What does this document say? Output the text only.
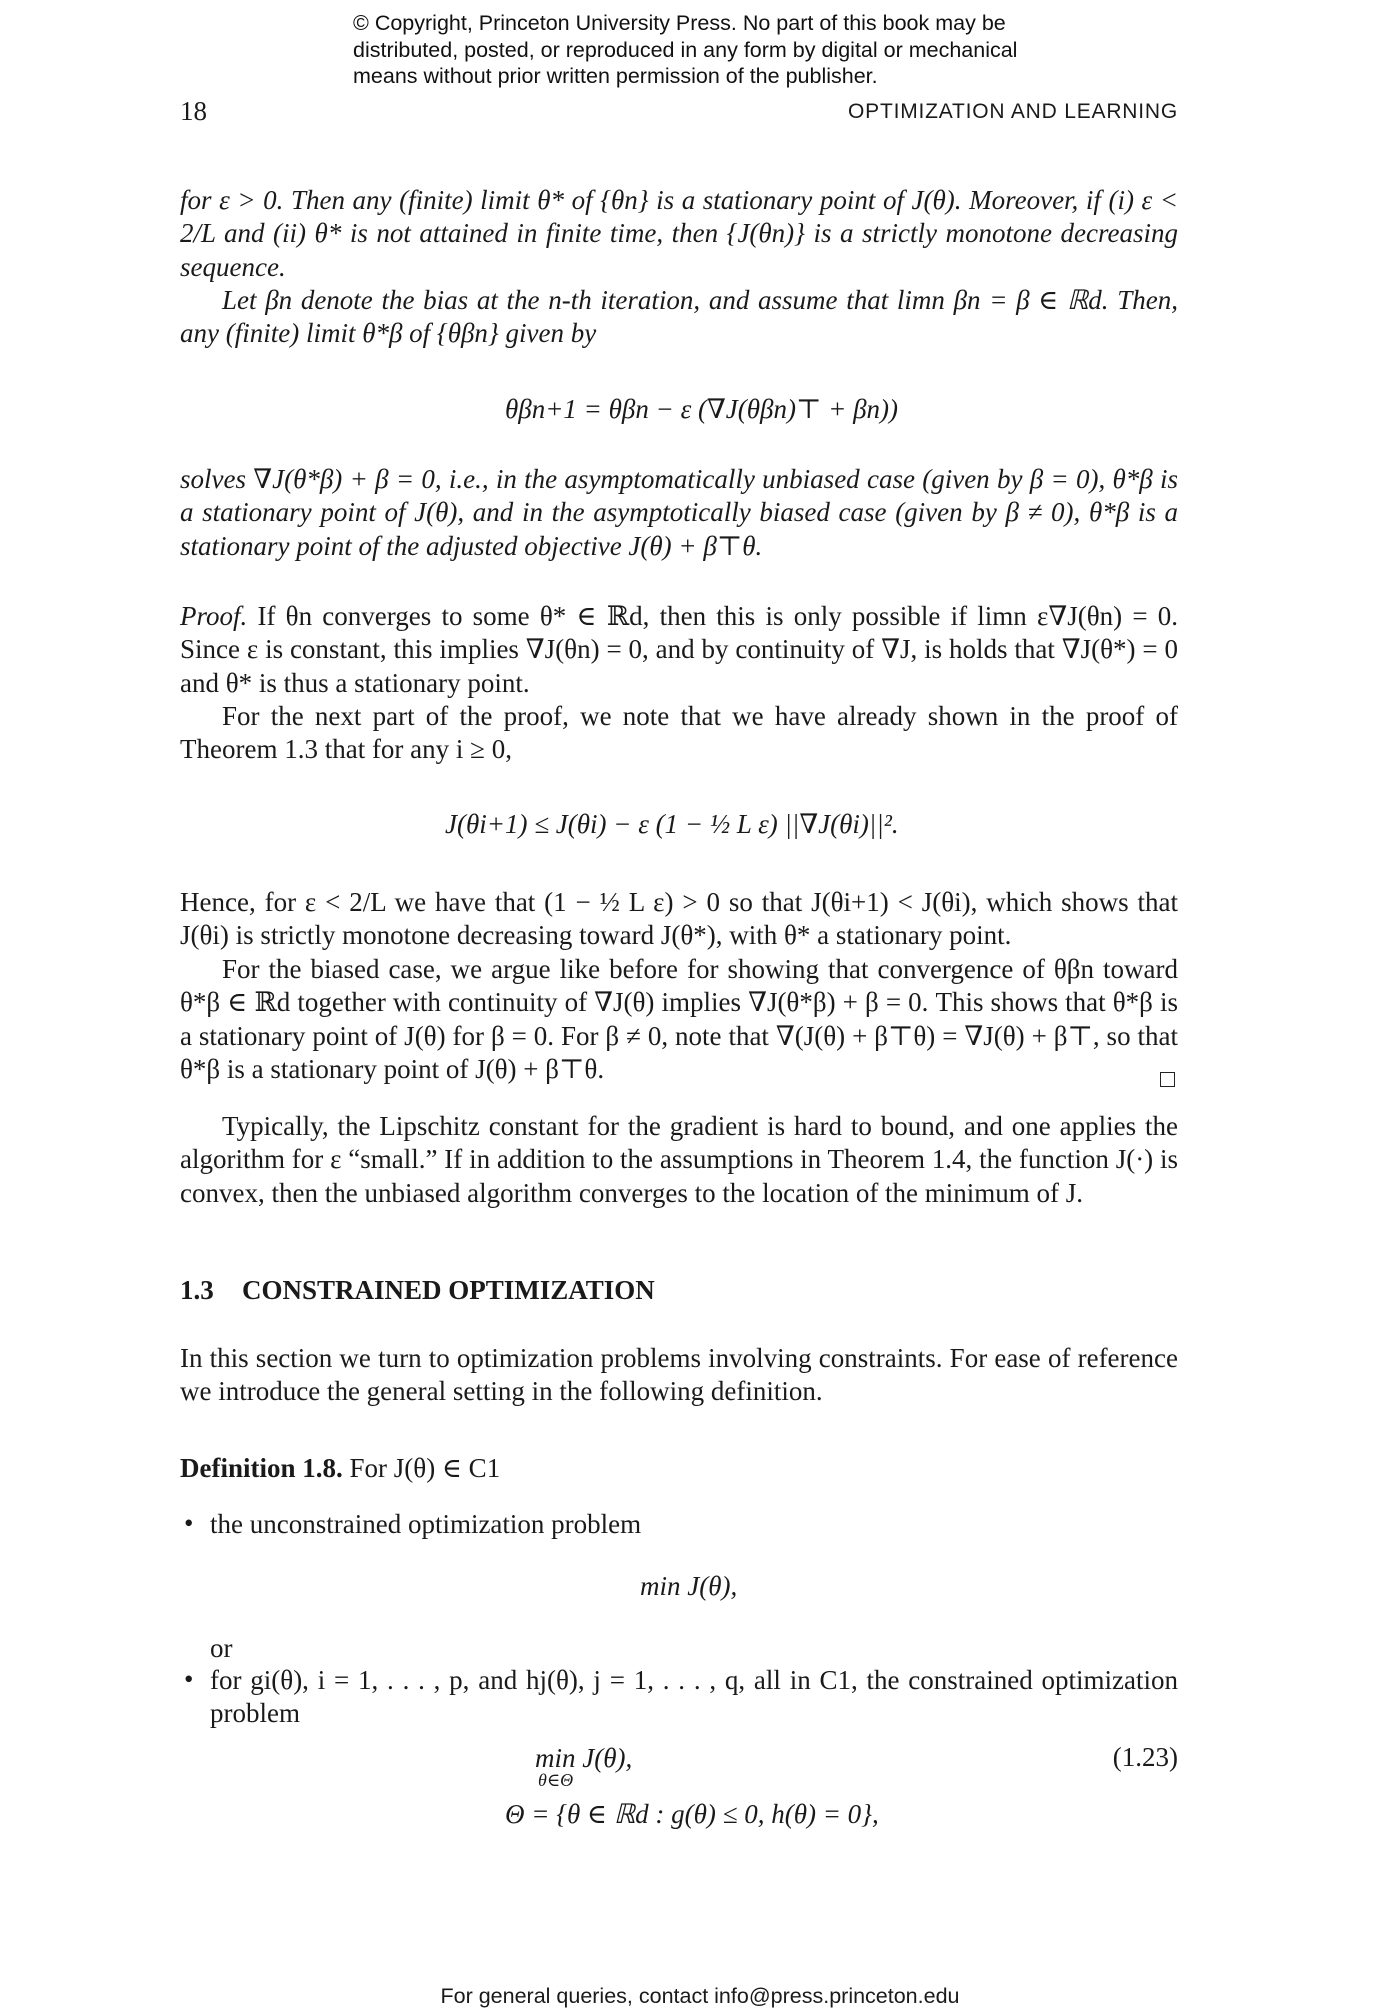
© Copyright, Princeton University Press. No part of this book may be
distributed, posted, or reproduced in any form by digital or mechanical
means without prior written permission of the publisher.
18	OPTIMIZATION AND LEARNING
for ε > 0. Then any (finite) limit θ* of {θn} is a stationary point of J(θ). Moreover, if (i) ε < 2/L and (ii) θ* is not attained in finite time, then {J(θn)} is a strictly monotone decreasing sequence.
Let βn denote the bias at the n-th iteration, and assume that limn βn = β ∈ ℝd. Then, any (finite) limit θ*β of {θβn} given by
θβn+1 = θβn − ε (∇J(θβn)⊤ + βn))
solves ∇J(θ*β) + β = 0, i.e., in the asymptomatically unbiased case (given by β = 0), θ*β is a stationary point of J(θ), and in the asymptotically biased case (given by β ≠ 0), θ*β is a stationary point of the adjusted objective J(θ) + β⊤θ.
Proof. If θn converges to some θ* ∈ ℝd, then this is only possible if limn ε∇J(θn) = 0. Since ε is constant, this implies ∇J(θn) = 0, and by continuity of ∇J, is holds that ∇J(θ*) = 0 and θ* is thus a stationary point.
For the next part of the proof, we note that we have already shown in the proof of Theorem 1.3 that for any i ≥ 0,
J(θi+1) ≤ J(θi) − ε (1 − ½ L ε) ||∇J(θi)||².
Hence, for ε < 2/L we have that (1 − ½ L ε) > 0 so that J(θi+1) < J(θi), which shows that J(θi) is strictly monotone decreasing toward J(θ*), with θ* a stationary point.
For the biased case, we argue like before for showing that convergence of θβn toward θ*β ∈ ℝd together with continuity of ∇J(θ) implies ∇J(θ*β) + β = 0. This shows that θ*β is a stationary point of J(θ) for β = 0. For β ≠ 0, note that ∇(J(θ) + β⊤θ) = ∇J(θ) + β⊤, so that θ*β is a stationary point of J(θ) + β⊤θ.
Typically, the Lipschitz constant for the gradient is hard to bound, and one applies the algorithm for ε “small.” If in addition to the assumptions in Theorem 1.4, the function J(·) is convex, then the unbiased algorithm converges to the location of the minimum of J.
1.3 CONSTRAINED OPTIMIZATION
In this section we turn to optimization problems involving constraints. For ease of reference we introduce the general setting in the following definition.
Definition 1.8. For J(θ) ∈ C1
• the unconstrained optimization problem
min J(θ),
or
• for gi(θ), i = 1, . . . , p, and hj(θ), j = 1, . . . , q, all in C1, the constrained optimization problem
min J(θ),
θ∈Θ
(1.23)
Θ = {θ ∈ ℝd : g(θ) ≤ 0, h(θ) = 0},
For general queries, contact info@press.princeton.edu
